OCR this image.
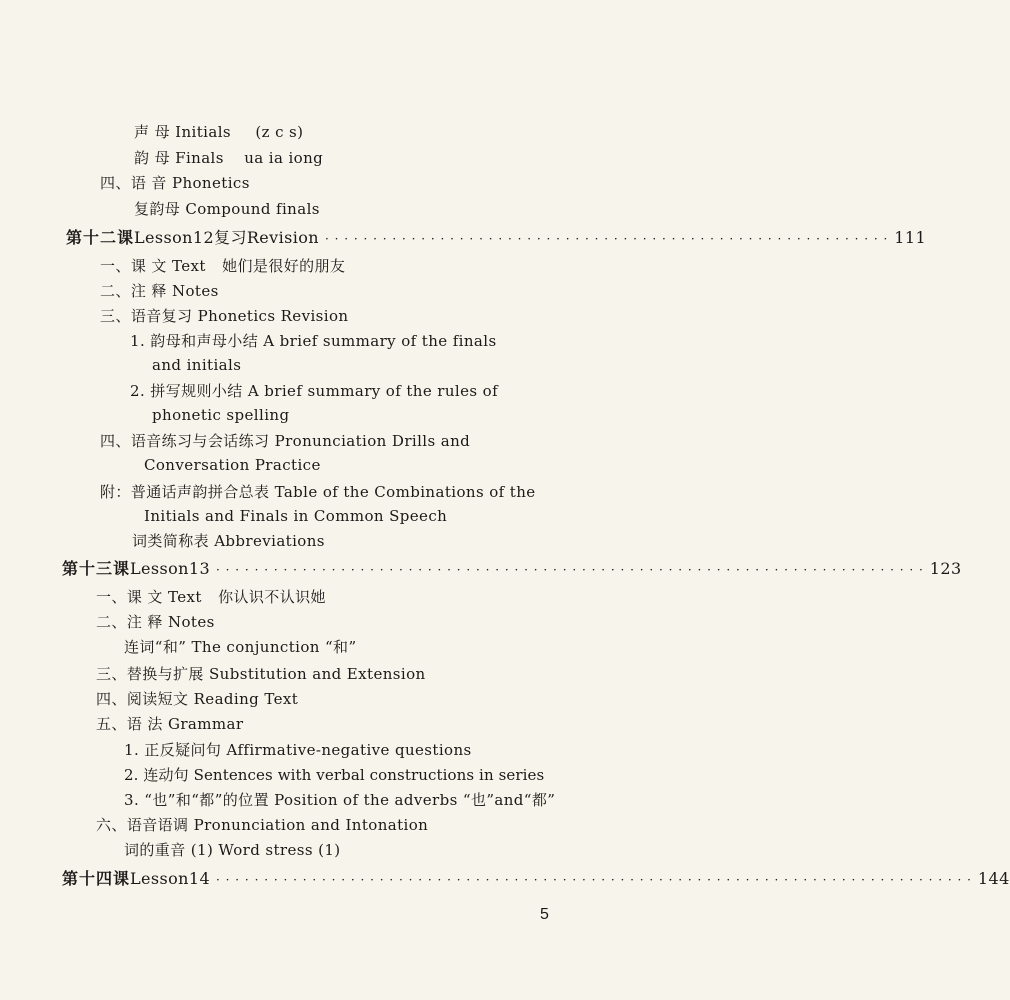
声 母 Initials (z c s)
韵 母 Finals ua ia iong
四、语 音 Phonetics
复韵母 Compound finals
第十二课 Lesson 12 复习 Revision · · · · · · · · · · · · · · · · · · · · · · · · · · · · · · · · · · · · · · · · · · · · · · · · · · · · · · · · · · · 111
一、课 文 Text 她们是很好的朋友
二、注 释 Notes
三、语音复习 Phonetics Revision
1. 韵母和声母小结 A brief summary of the finals
and initials
2. 拼写规则小结 A brief summary of the rules of
phonetic spelling
四、语音练习与会话练习 Pronunciation Drills and
Conversation Practice
附：普通话声韵拼合总表 Table of the Combinations of the
Initials and Finals in Common Speech
词类简称表 Abbreviations
第十三课 Lesson 13 · · · · · · · · · · · · · · · · · · · · · · · · · · · · · · · · · · · · · · · · · · · · · · · · · · · · · · · · · · · · · · · · · · · · · · · · · · 123
一、课 文 Text 你认识不认识她
二、注 释 Notes
连词“和” The conjunction “和”
三、替换与扩展 Substitution and Extension
四、阅读短文 Reading Text
五、语 法 Grammar
1. 正反疑问句 Affirmative-negative questions
2. 连动句 Sentences with verbal constructions in series
3. “也”和“都”的位置 Position of the adverbs “也”and“都”
六、语音语调 Pronunciation and Intonation
词的重音 (1) Word stress (1)
第十四课 Lesson 14 · · · · · · · · · · · · · · · · · · · · · · · · · · · · · · · · · · · · · · · · · · · · · · · · · · · · · · · · · · · · · · · · · · · · · · · · · · · · · · · 144
5
